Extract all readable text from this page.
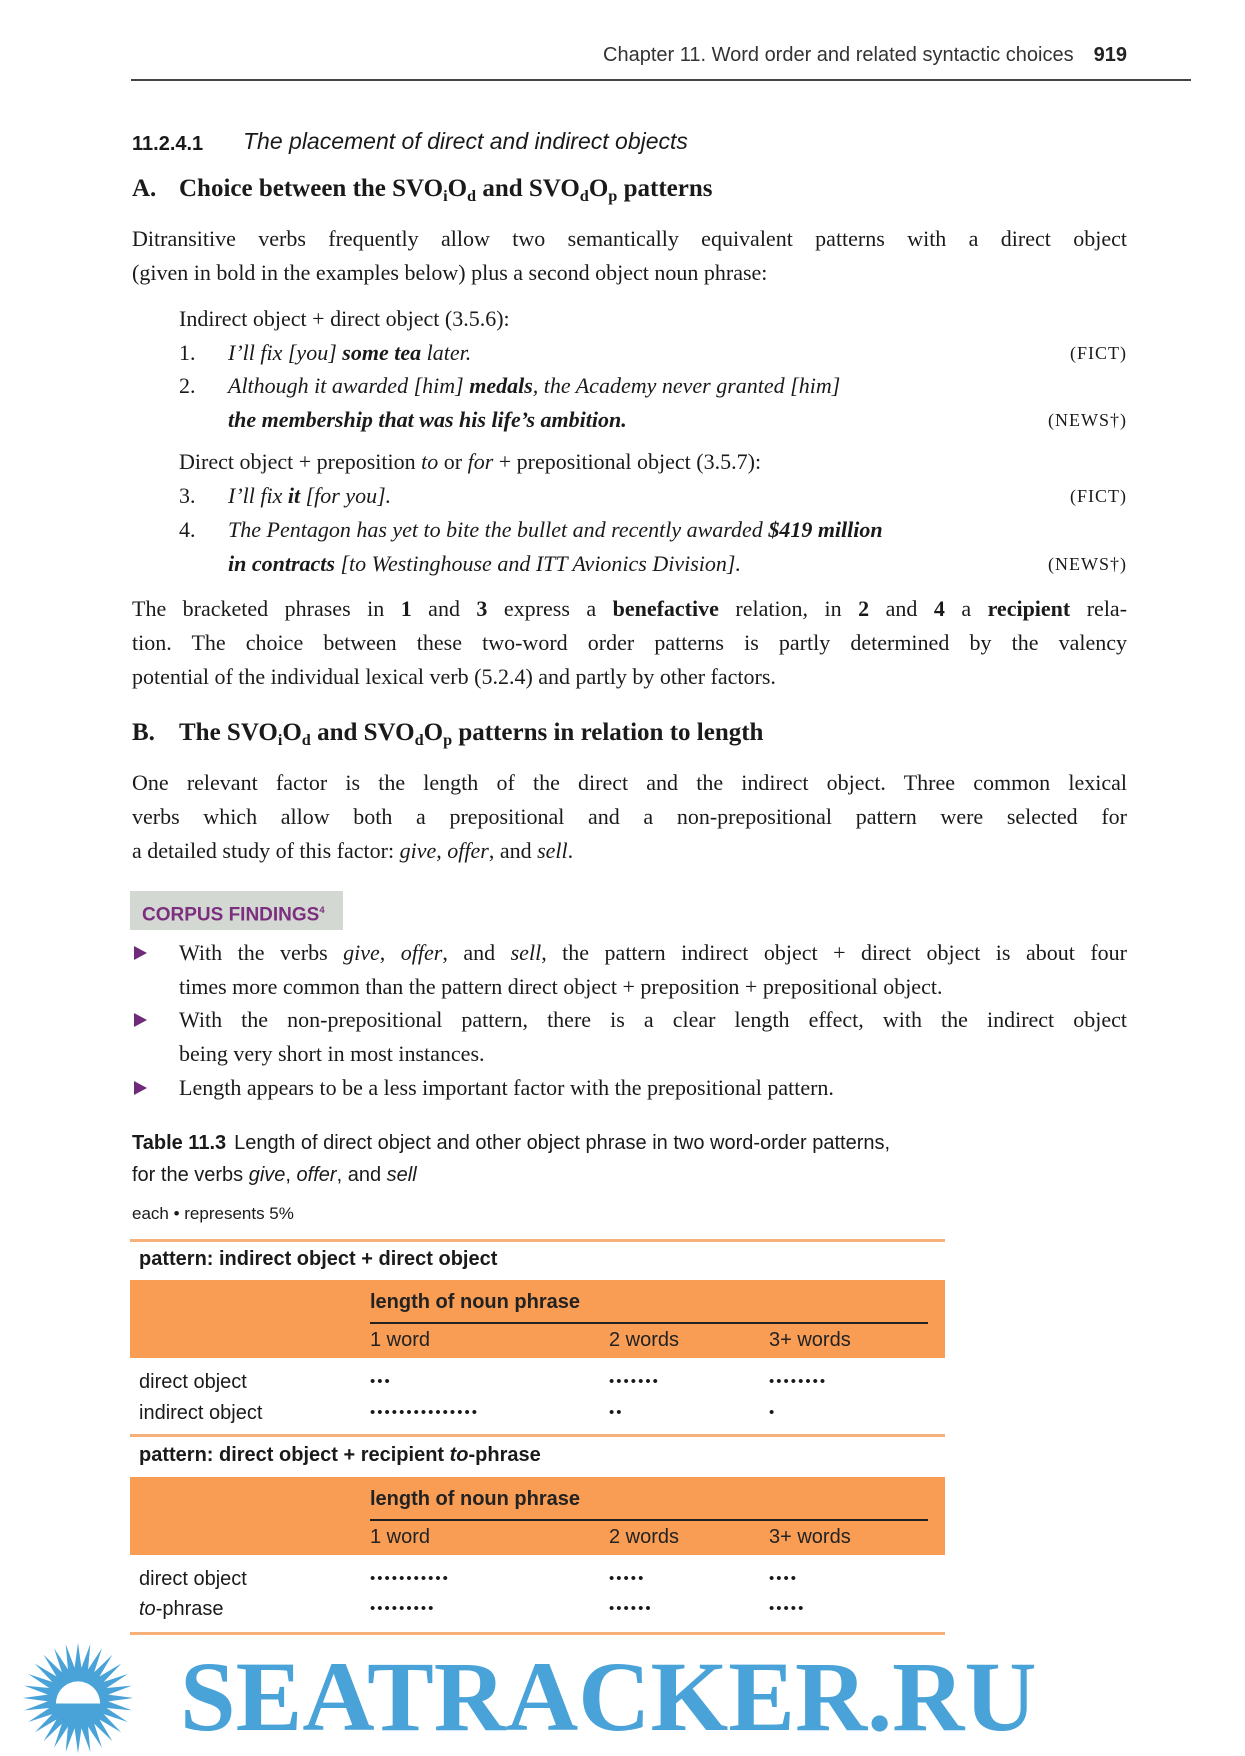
Chapter 11. Word order and related syntactic choices 919
11.2.4.1 The placement of direct and indirect objects
A. Choice between the SVOiOd and SVOdOp patterns
Ditransitive verbs frequently allow two semantically equivalent patterns with a direct object
(given in bold in the examples below) plus a second object noun phrase:
Indirect object + direct object (3.5.6):
1. I’ll fix [you] some tea later.	(FICT)
2. Although it awarded [him] medals, the Academy never granted [him]
the membership that was his life’s ambition.	(NEWS†)
Direct object + preposition to or for + prepositional object (3.5.7):
3. I’ll fix it [for you].	(FICT)
4. The Pentagon has yet to bite the bullet and recently awarded $419 million
in contracts [to Westinghouse and ITT Avionics Division].	(NEWS†)
The bracketed phrases in 1 and 3 express a benefactive relation, in 2 and 4 a recipient rela-
tion. The choice between these two-word order patterns is partly determined by the valency
potential of the individual lexical verb (5.2.4) and partly by other factors.
B. The SVOiOd and SVOdOp patterns in relation to length
One relevant factor is the length of the direct and the indirect object. Three common lexical
verbs which allow both a prepositional and a non-prepositional pattern were selected for
a detailed study of this factor: give, offer, and sell.
CORPUS FINDINGS$^4$
With the verbs give, offer, and sell, the pattern indirect object + direct object is about four
times more common than the pattern direct object + preposition + prepositional object.
With the non-prepositional pattern, there is a clear length effect, with the indirect object
being very short in most instances.
Length appears to be a less important factor with the prepositional pattern.
Table 11.3 Length of direct object and other object phrase in two word-order patterns,
for the verbs give, offer, and sell
each • represents 5%
pattern: indirect object + direct object
length of noun phrase
1 word	2 words	3+ words
direct object	•••	•••••••	••••••••
indirect object	•••••••••••••••	••	•
pattern: direct object + recipient to-phrase
length of noun phrase
1 word	2 words	3+ words
direct object	•••••••••••	•••••	••••
to-phrase	•••••••••	••••••	•••••
SEATRACKER.RU
